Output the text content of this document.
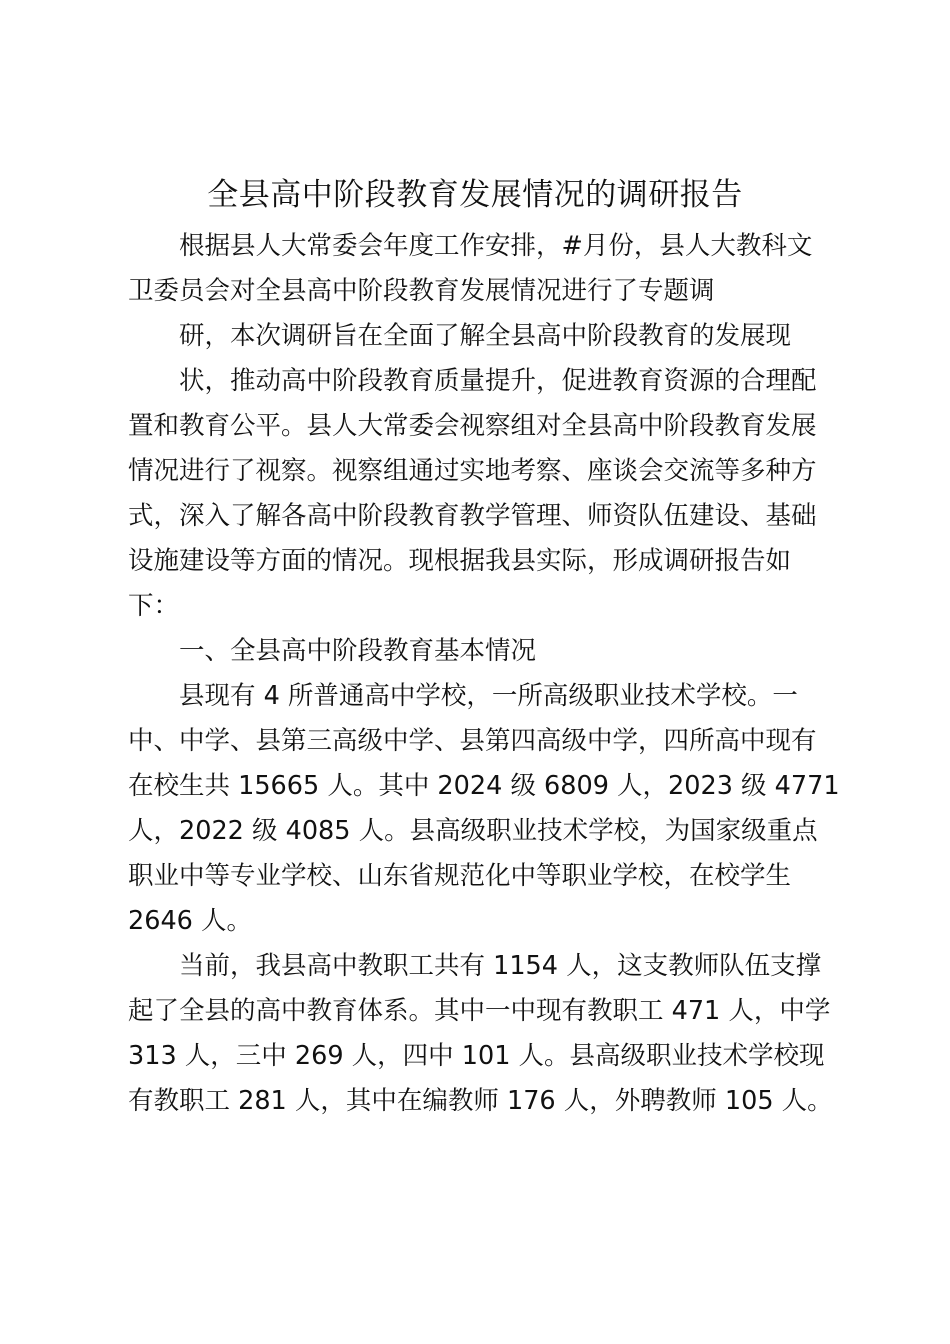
全县高中阶段教育发展情况的调研报告
根据县人大常委会年度工作安排，#月份，县人大教科文
卫委员会对全县高中阶段教育发展情况进行了专题调
研，本次调研旨在全面了解全县高中阶段教育的发展现
状，推动高中阶段教育质量提升，促进教育资源的合理配
置和教育公平。县人大常委会视察组对全县高中阶段教育发展
情况进行了视察。视察组通过实地考察、座谈会交流等多种方
式，深入了解各高中阶段教育教学管理、师资队伍建设、基础
设施建设等方面的情况。现根据我县实际，形成调研报告如
下：
一、全县高中阶段教育基本情况
县现有 4 所普通高中学校，一所高级职业技术学校。一
中、中学、县第三高级中学、县第四高级中学，四所高中现有
在校生共 15665 人。其中 2024 级 6809 人，2023 级 4771
人，2022 级 4085 人。县高级职业技术学校，为国家级重点
职业中等专业学校、山东省规范化中等职业学校，在校学生
2646 人。
当前，我县高中教职工共有 1154 人，这支教师队伍支撑
起了全县的高中教育体系。其中一中现有教职工 471 人，中学
313 人，三中 269 人，四中 101 人。县高级职业技术学校现
有教职工 281 人，其中在编教师 176 人，外聘教师 105 人。
